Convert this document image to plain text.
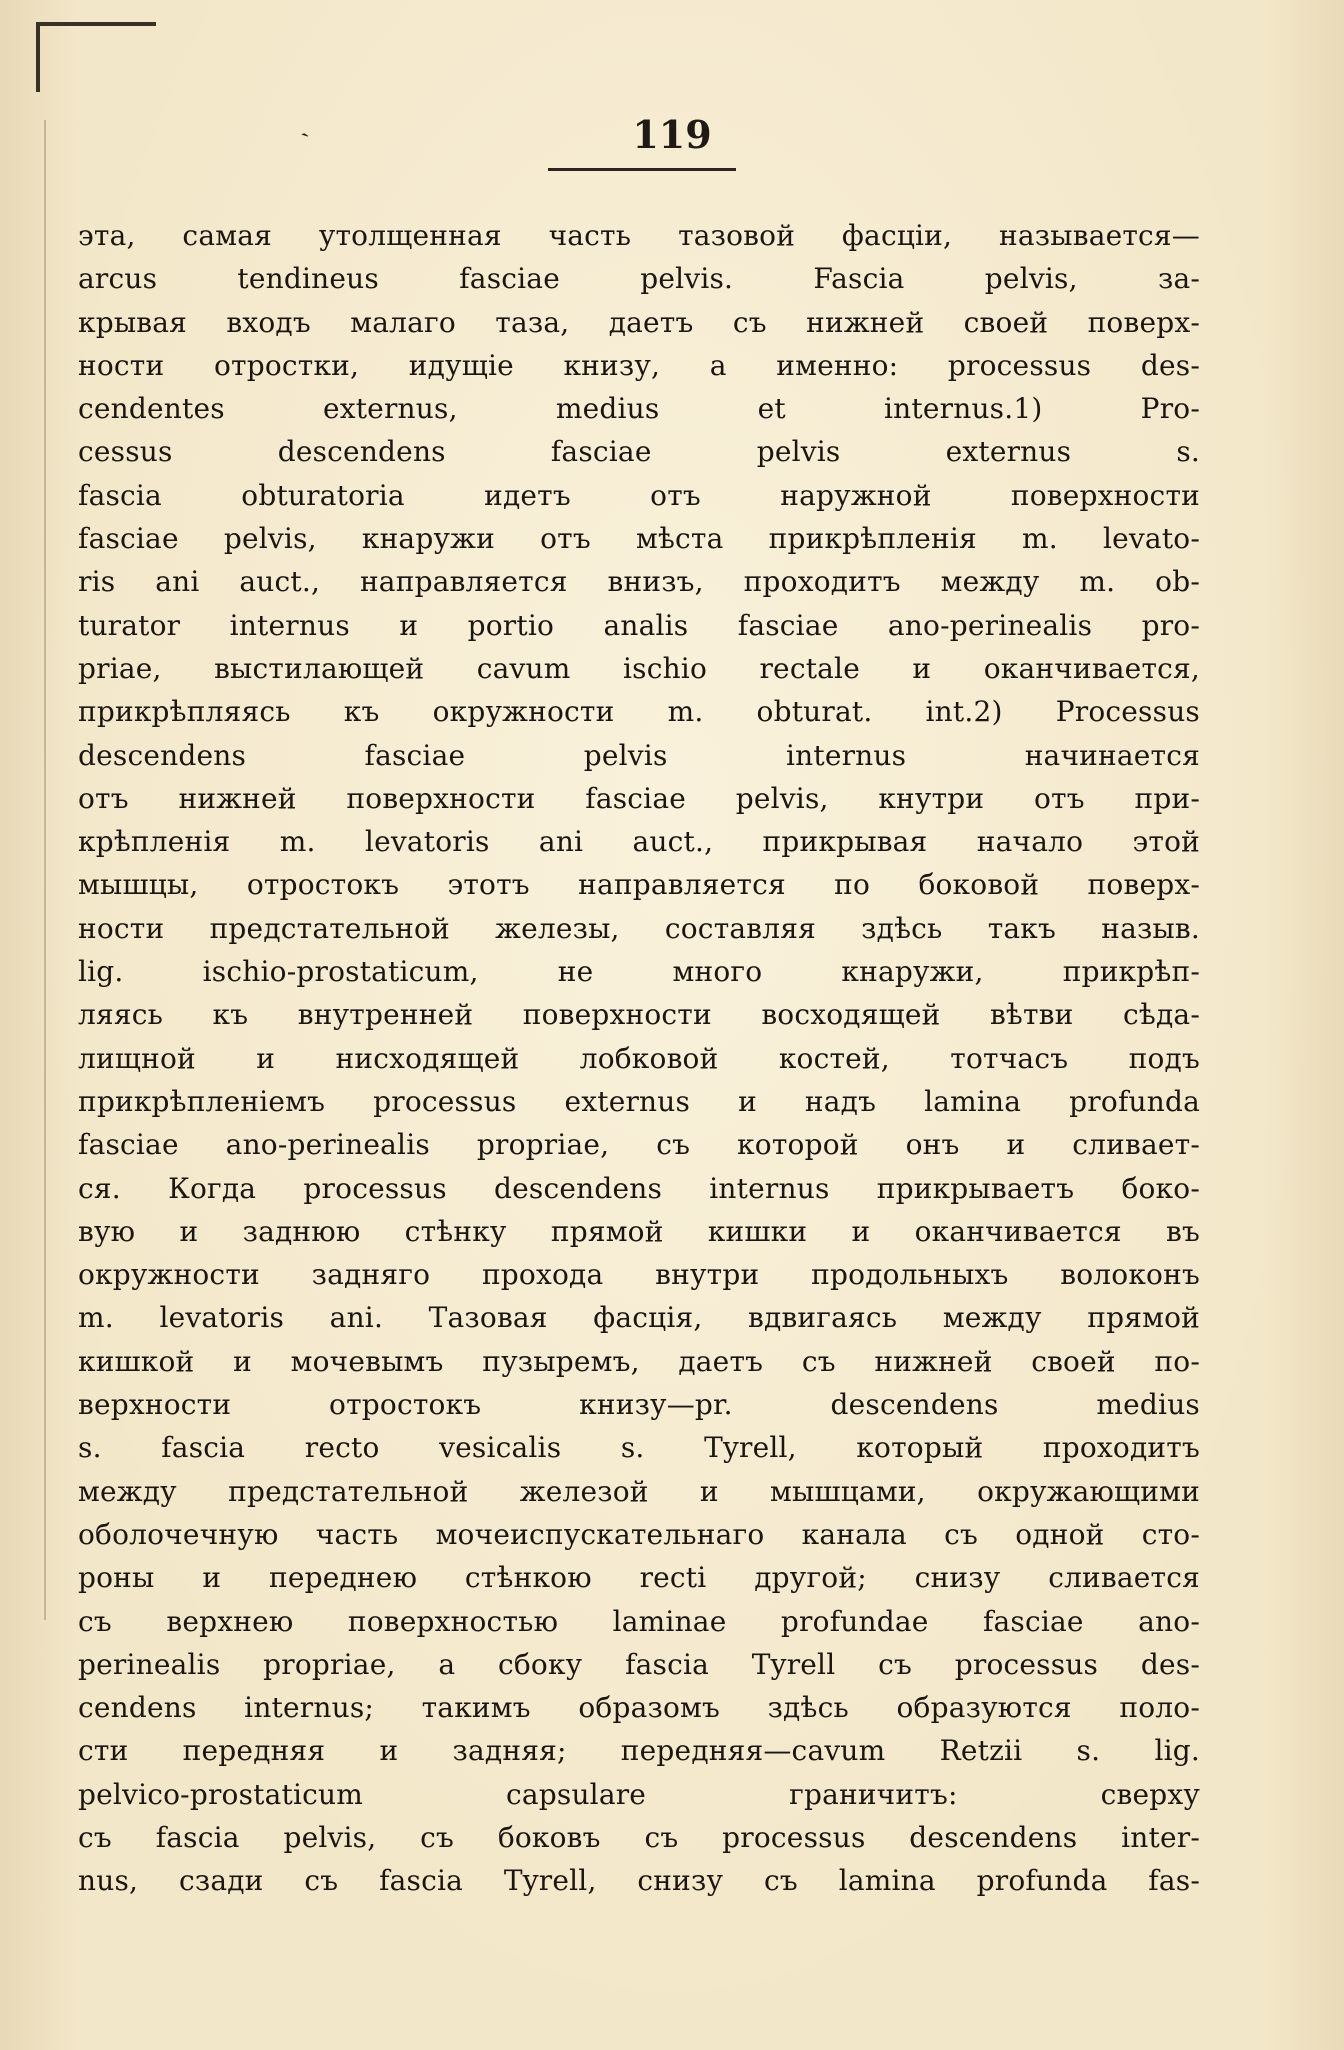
ˏ	119
эта, самая утолщенная часть тазовой фасціи, называется—
arcus tendineus fasciae pelvis. Fascia pelvis, за-
крывая входъ малаго таза, даетъ съ нижней своей поверх-
ности отростки, идущіе книзу, а именно: processus des-
cendentes externus, medius et internus.1) Pro-
cessus descendens fasciae pelvis externus s.
fascia obturatoria идетъ отъ наружной поверхности
fasciae pelvis, кнаружи отъ мѣста прикрѣпленія m. levato-
ris ani auct., направляется внизъ, проходитъ между m. ob-
turator internus и portio analis fasciae ano-perinealis pro-
priae, выстилающей cavum ischio rectale и оканчивается,
прикрѣпляясь къ окружности m. obturat. int.2) Processus
descendens fasciae pelvis internus начинается
отъ нижней поверхности fasciae pelvis, кнутри отъ при-
крѣпленія m. levatoris ani auct., прикрывая начало этой
мышцы, отростокъ этотъ направляется по боковой поверх-
ности предстательной железы, составляя здѣсь такъ назыв.
lig. ischio-prostaticum, не много кнаружи, прикрѣп-
ляясь къ внутренней поверхности восходящей вѣтви сѣда-
лищной и нисходящей лобковой костей, тотчасъ подъ
прикрѣпленіемъ processus externus и надъ lamina profunda
fasciae ano-perinealis propriae, съ которой онъ и сливает-
ся. Когда processus descendens internus прикрываетъ боко-
вую и заднюю стѣнку прямой кишки и оканчивается въ
окружности задняго прохода внутри продольныхъ волоконъ
m. levatoris ani. Тазовая фасція, вдвигаясь между прямой
кишкой и мочевымъ пузыремъ, даетъ съ нижней своей по-
верхности отростокъ книзу—pr. descendens medius
s. fascia recto vesicalis s. Tyrell, который проходитъ
между предстательной железой и мышцами, окружающими
оболочечную часть мочеиспускательнаго канала съ одной сто-
роны и переднею стѣнкою recti другой; снизу сливается
съ верхнею поверхностью laminae profundae fasciae ano-
perinealis propriae, а сбоку fascia Tyrell съ processus des-
cendens internus; такимъ образомъ здѣсь образуются поло-
сти передняя и задняя; передняя—cavum Retzii s. lig.
pelvico-prostaticum capsulare граничитъ: сверху
съ fascia pelvis, съ боковъ съ processus descendens inter-
nus, сзади съ fascia Tyrell, снизу съ lamina profunda fas-
